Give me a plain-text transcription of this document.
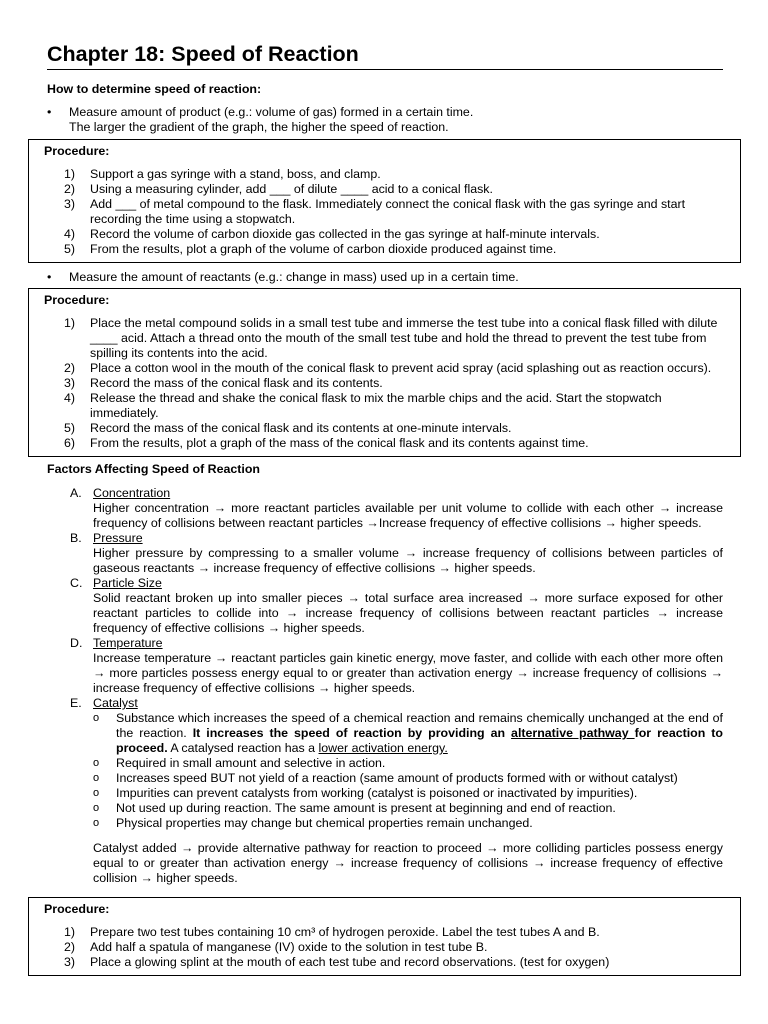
Chapter 18: Speed of Reaction
How to determine speed of reaction:
• Measure amount of product (e.g.: volume of gas) formed in a certain time.
The larger the gradient of the graph, the higher the speed of reaction.
Procedure:
1) Support a gas syringe with a stand, boss, and clamp.
2) Using a measuring cylinder, add ___ of dilute ____ acid to a conical flask.
3) Add ___ of metal compound to the flask. Immediately connect the conical flask with the gas syringe and start recording the time using a stopwatch.
4) Record the volume of carbon dioxide gas collected in the gas syringe at half-minute intervals.
5) From the results, plot a graph of the volume of carbon dioxide produced against time.
• Measure the amount of reactants (e.g.: change in mass) used up in a certain time.
Procedure:
1) Place the metal compound solids in a small test tube and immerse the test tube into a conical flask filled with dilute ____ acid. Attach a thread onto the mouth of the small test tube and hold the thread to prevent the test tube from spilling its contents into the acid.
2) Place a cotton wool in the mouth of the conical flask to prevent acid spray (acid splashing out as reaction occurs).
3) Record the mass of the conical flask and its contents.
4) Release the thread and shake the conical flask to mix the marble chips and the acid. Start the stopwatch immediately.
5) Record the mass of the conical flask and its contents at one-minute intervals.
6) From the results, plot a graph of the mass of the conical flask and its contents against time.
Factors Affecting Speed of Reaction
A. Concentration
Higher concentration → more reactant particles available per unit volume to collide with each other → increase frequency of collisions between reactant particles →Increase frequency of effective collisions → higher speeds.
B. Pressure
Higher pressure by compressing to a smaller volume → increase frequency of collisions between particles of gaseous reactants → increase frequency of effective collisions → higher speeds.
C. Particle Size
Solid reactant broken up into smaller pieces → total surface area increased → more surface exposed for other reactant particles to collide into → increase frequency of collisions between reactant particles → increase frequency of effective collisions → higher speeds.
D. Temperature
Increase temperature → reactant particles gain kinetic energy, move faster, and collide with each other more often → more particles possess energy equal to or greater than activation energy → increase frequency of collisions → increase frequency of effective collisions → higher speeds.
E. Catalyst
o Substance which increases the speed of a chemical reaction and remains chemically unchanged at the end of the reaction. It increases the speed of reaction by providing an alternative pathway for reaction to proceed. A catalysed reaction has a lower activation energy.
o Required in small amount and selective in action.
o Increases speed BUT not yield of a reaction (same amount of products formed with or without catalyst)
o Impurities can prevent catalysts from working (catalyst is poisoned or inactivated by impurities).
o Not used up during reaction. The same amount is present at beginning and end of reaction.
o Physical properties may change but chemical properties remain unchanged.
Catalyst added → provide alternative pathway for reaction to proceed → more colliding particles possess energy equal to or greater than activation energy → increase frequency of collisions → increase frequency of effective collision → higher speeds.
Procedure:
1) Prepare two test tubes containing 10 cm³ of hydrogen peroxide. Label the test tubes A and B.
2) Add half a spatula of manganese (IV) oxide to the solution in test tube B.
3) Place a glowing splint at the mouth of each test tube and record observations. (test for oxygen)
